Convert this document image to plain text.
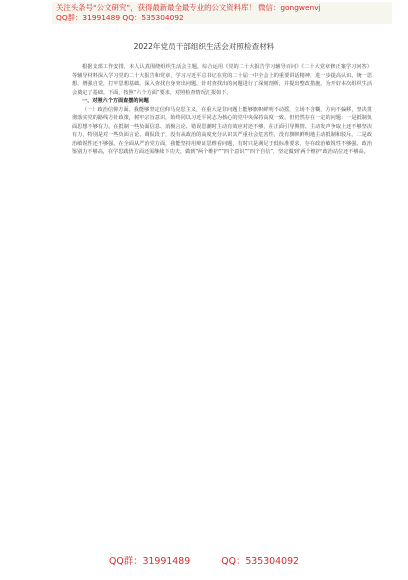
关注头条号“公文研究”，获得最新最全最专业的公文资料库！ 微信：gongwenvj
QQ群：31991489 QQ：535304092
2022年党员干部组织生活会对照检查材料

根据支部工作安排，本人认真围绕组织生活会主题，综合运用《党的二十大报告学习辅导百问》《二十大党章修正案学习问答》等辅导材料深入学习党的二十大报告和党章，学习习近平总书记在党的二十届一中全会上的重要讲话精神，进一步提高认识、统一思想、增强自觉，打牢思想基础。深入查找自身突出问题，针对查找出的问题进行了深刻剖析，并提出整改措施。为开好本次组织生活会奠定了基础。下面，按照“六个方面”要求，对照检查情况汇报如下。

一、对照六个方面查摆的问题

（一）政治信仰方面。我能够坚定信仰马克思主义，在重大是非问题上能够旗帜鲜明不动摇，立场不含糊，方向不偏移，坚决贯彻落实党的路线方针政策，树牢宗旨意识，始终同以习近平同志为核心的党中央保持高度一致。但仍然存在一定的问题：一是抵制负面思想不够有力。在抵制一些负面信息、消极言论、错误思潮时主动有效应对还不够，在正面引导舆情、主动发声争取上还不够坚决有力，特别是对一些负面言论、调侃段子，没有从政治的高度充分认识其严重社会危害性，没有旗帜鲜明地主动抵制和驳斥。二是政治敏锐性还不够强。在全面从严治党方面，我能坚持用辩证思维看问题，有时只是满足于低标准要求，存在政治敏锐性不够强、政治鉴别力不够高，在学思践悟方面还需继续下功夫，做到“两个维护”“四个意识”“四个自信”，坚定做到‘两个维护’政治站位还不够高。

QQ群：31991489	QQ：535304092
